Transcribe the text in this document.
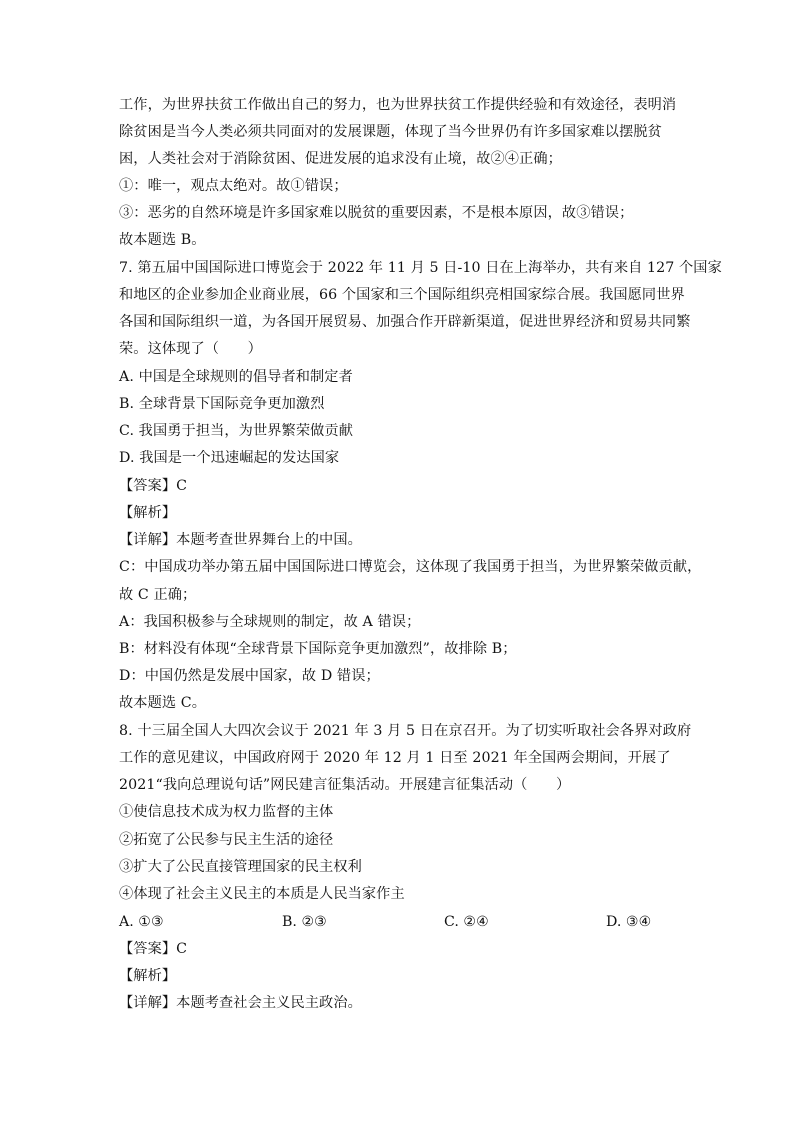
工作，为世界扶贫工作做出自己的努力，也为世界扶贫工作提供经验和有效途径，表明消
除贫困是当今人类必须共同面对的发展课题，体现了当今世界仍有许多国家难以摆脱贫
困，人类社会对于消除贫困、促进发展的追求没有止境，故②④正确；
①：唯一，观点太绝对。故①错误；
③：恶劣的自然环境是许多国家难以脱贫的重要因素，不是根本原因，故③错误；
故本题选 B。
7. 第五届中国国际进口博览会于 2022 年 11 月 5 日-10 日在上海举办，共有来自 127 个国家
和地区的企业参加企业商业展，66 个国家和三个国际组织亮相国家综合展。我国愿同世界
各国和国际组织一道，为各国开展贸易、加强合作开辟新渠道，促进世界经济和贸易共同繁
荣。这体现了（　　）
A. 中国是全球规则的倡导者和制定者
B. 全球背景下国际竞争更加激烈
C. 我国勇于担当，为世界繁荣做贡献
D. 我国是一个迅速崛起的发达国家
【答案】C
【解析】
【详解】本题考查世界舞台上的中国。
C：中国成功举办第五届中国国际进口博览会，这体现了我国勇于担当，为世界繁荣做贡献，
故 C 正确；
A：我国积极参与全球规则的制定，故 A 错误；
B：材料没有体现“全球背景下国际竞争更加激烈”，故排除 B；
D：中国仍然是发展中国家，故 D 错误；
故本题选 C。
8. 十三届全国人大四次会议于 2021 年 3 月 5 日在京召开。为了切实听取社会各界对政府
工作的意见建议，中国政府网于 2020 年 12 月 1 日至 2021 年全国两会期间，开展了
2021“我向总理说句话”网民建言征集活动。开展建言征集活动（　　）
①使信息技术成为权力监督的主体
②拓宽了公民参与民主生活的途径
③扩大了公民直接管理国家的民主权利
④体现了社会主义民主的本质是人民当家作主
A. ①③	B. ②③	C. ②④	D. ③④
【答案】C
【解析】
【详解】本题考查社会主义民主政治。
